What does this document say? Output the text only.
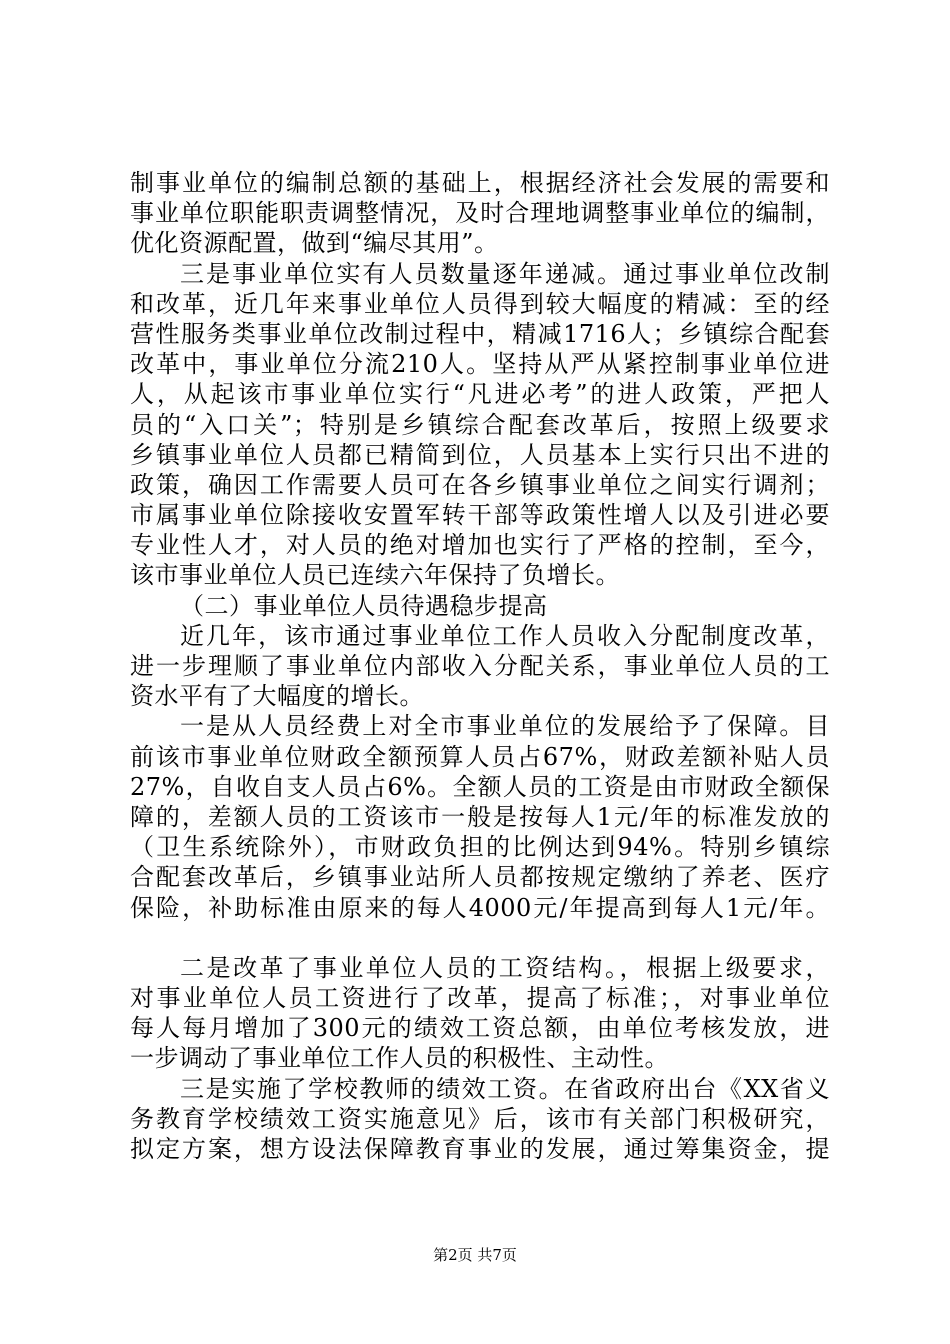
制事业单位的编制总额的基础上，根据经济社会发展的需要和
事业单位职能职责调整情况，及时合理地调整事业单位的编制，
优化资源配置，做到“编尽其用”。
三是事业单位实有人员数量逐年递减。通过事业单位改制
和改革，近几年来事业单位人员得到较大幅度的精减：至的经
营性服务类事业单位改制过程中，精减1716人；乡镇综合配套
改革中，事业单位分流210人。坚持从严从紧控制事业单位进
人，从起该市事业单位实行“凡进必考”的进人政策，严把人
员的“入口关”；特别是乡镇综合配套改革后，按照上级要求
乡镇事业单位人员都已精简到位，人员基本上实行只出不进的
政策，确因工作需要人员可在各乡镇事业单位之间实行调剂；
市属事业单位除接收安置军转干部等政策性增人以及引进必要
专业性人才，对人员的绝对增加也实行了严格的控制，至今，
该市事业单位人员已连续六年保持了负增长。
（二）事业单位人员待遇稳步提高
近几年，该市通过事业单位工作人员收入分配制度改革，
进一步理顺了事业单位内部收入分配关系，事业单位人员的工
资水平有了大幅度的增长。
一是从人员经费上对全市事业单位的发展给予了保障。目
前该市事业单位财政全额预算人员占67%，财政差额补贴人员
27%，自收自支人员占6%。全额人员的工资是由市财政全额保
障的，差额人员的工资该市一般是按每人1元/年的标准发放的
（卫生系统除外），市财政负担的比例达到94%。特别乡镇综
合配套改革后，乡镇事业站所人员都按规定缴纳了养老、医疗
保险，补助标准由原来的每人4000元/年提高到每人1元/年。
二是改革了事业单位人员的工资结构。，根据上级要求，
对事业单位人员工资进行了改革，提高了标准；，对事业单位
每人每月增加了300元的绩效工资总额，由单位考核发放，进
一步调动了事业单位工作人员的积极性、主动性。
三是实施了学校教师的绩效工资。在省政府出台《XX省义
务教育学校绩效工资实施意见》后，该市有关部门积极研究，
拟定方案，想方设法保障教育事业的发展，通过筹集资金，提
第2页 共7页
